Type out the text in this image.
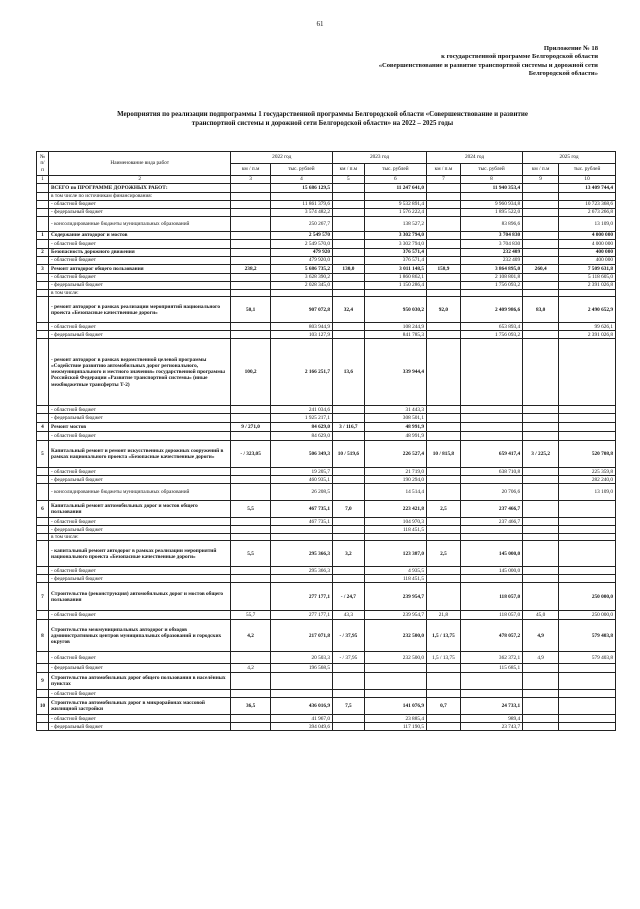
61
Приложение № 18
к государственной программе Белгородской области
«Совершенствование и развитие транспортной системы и дорожной сети
Белгородской области»
Мероприятия по реализации подпрограммы 1 государственной программы Белгородской области «Совершенствование и развитие
транспортной системы и дорожной сети Белгородской области» на 2022 – 2025 годы
№ п/п	Наименование вида работ	2022 год		2023 год		2024 год		2025 год	
		км / п.м	тыс. рублей	км / п.м	тыс. рублей	км / п.м	тыс. рублей	км / п.м	тыс. рублей
1	2	3	4	5	6	7	8	9	10
	ВСЕГО по ПРОГРАММЕ ДОРОЖНЫХ РАБОТ:		15 686 129,5		11 247 641,0		11 940 353,4		13 409 744,4
	в том числе по источникам финансирования:								
	- областной бюджет		11 861 379,6		9 532 891,4		9 960 934,8		10 723 368,6
	- федеральный бюджет		3 574 482,2		1 576 222,4		1 895 522,0		2 673 266,8
	- консолидированные бюджеты муниципальных образований		250 267,7		138 527,2		83 896,6		13 109,0
1	Содержание автодорог и мостов		2 549 570		3 302 794,0		3 704 830		4 000 000
	- областной бюджет		2 549 570,0		3 302 794,0		3 704 830		4 000 000
2	Безопасность дорожного движения		479 920		376 571,4		232 409		400 000
	- областной бюджет		479 920,0		376 571,4		232 409		400 000
3	Ремонт автодорог общего пользования	238,2	5 686 735,2	130,0	3 011 148,5	158,9	3 864 895,0	260,4	7 509 631,8
	- областной бюджет		3 628 390,2		1 860 862,1		2 108 801,8		5 118 605,0
	- федеральный бюджет		2 028 345,0		1 150 286,4		1 756 093,2		2 391 026,8
	в том числе:								
	- ремонт автодорог в рамках реализации мероприятий национального проекта «Безопасные качественные дороги»	50,1	907 072,8	32,4	950 030,2	92,0	2 409 986,6	83,0	2 490 652,9
	- областной бюджет		803 944,9		108 244,9		653 893,4		99 626,1
	- федеральный бюджет		103 127,9		841 785,3		1 756 093,2		2 391 026,8
	- ремонт автодорог в рамках ведомственной целевой программы «Содействие развитию автомобильных дорог регионального, межмуниципального и местного значения» государственной программы Российской Федерации «Развитие транспортной системы» (иные межбюджетные трансферты Т-2)	100,2	2 166 251,7	13,6	339 944,4				
	- областной бюджет		241 034,6		31 443,3				
	- федеральный бюджет		1 925 217,1		308 501,1				
4	Ремонт мостов	9 / 271,0	84 629,0	3 / 116,7	48 991,9				
	- областной бюджет		84 629,0		48 991,9				
5	Капитальный ремонт и ремонт искусственных дорожных сооружений в рамках национального проекта «Безопасные качественные дороги»	- / 323,05	506 349,3	10 / 519,6	226 527,4	10 / 815,8	659 417,4	3 / 225,2	520 708,8
	- областной бюджет		19 205,7		21 719,0		638 710,8		225 359,8
	- федеральный бюджет		460 935,1		190 294,0				282 240,0
	- консолидированные бюджеты муниципальных образований		26 208,5		14 514,4		20 706,6		13 109,0
6	Капитальный ремонт автомобильных дорог и мостов общего пользования	5,5	467 735,1	7,0	223 421,8	2,5	237 466,7		
	- областной бюджет		467 735,1		104 970,3		237 466,7		
	- федеральный бюджет				118 451,5				
	в том числе:								
	- капитальный ремонт автодорог в рамках реализации мероприятий национального проекта «Безопасные качественные дороги»	5,5	295 366,3	3,2	123 387,0	2,5	145 000,0		
	- областной бюджет		295 366,3		4 935,5		145 000,0		
	- федеральный бюджет				118 451,5				
7	Строительство (реконструкция) автомобильных дорог и мостов общего пользования		277 177,1	- / 24,7	239 954,7		118 057,0		250 000,0
	- областной бюджет	55,7	277 177,1	43,3	239 954,7	21,8	118 057,0	45,0	250 000,0
8	Строительство межмуниципальных автодорог и обходов административных центров муниципальных образований и городских округов	4,2	217 071,8	- / 37,95	232 500,0	1,5 / 13,75	478 057,2	4,9	579 403,8
	- областной бюджет		20 503,3	- / 37,95	232 500,0	1,5 / 13,75	362 372,1	4,9	579 403,8
	- федеральный бюджет	4,2	196 568,5				115 685,1		
9	Строительство автомобильных дорог общего пользования в населённых пунктах								
	- областной бюджет								
10	Строительство автомобильных дорог в микрорайонах массовой жилищной застройки	36,5	436 016,9	7,5	141 076,9	0,7	24 733,1		
	- областной бюджет		41 967,0		23 885,4		989,4		
	- федеральный бюджет		394 049,6		117 190,5		23 743,7		
